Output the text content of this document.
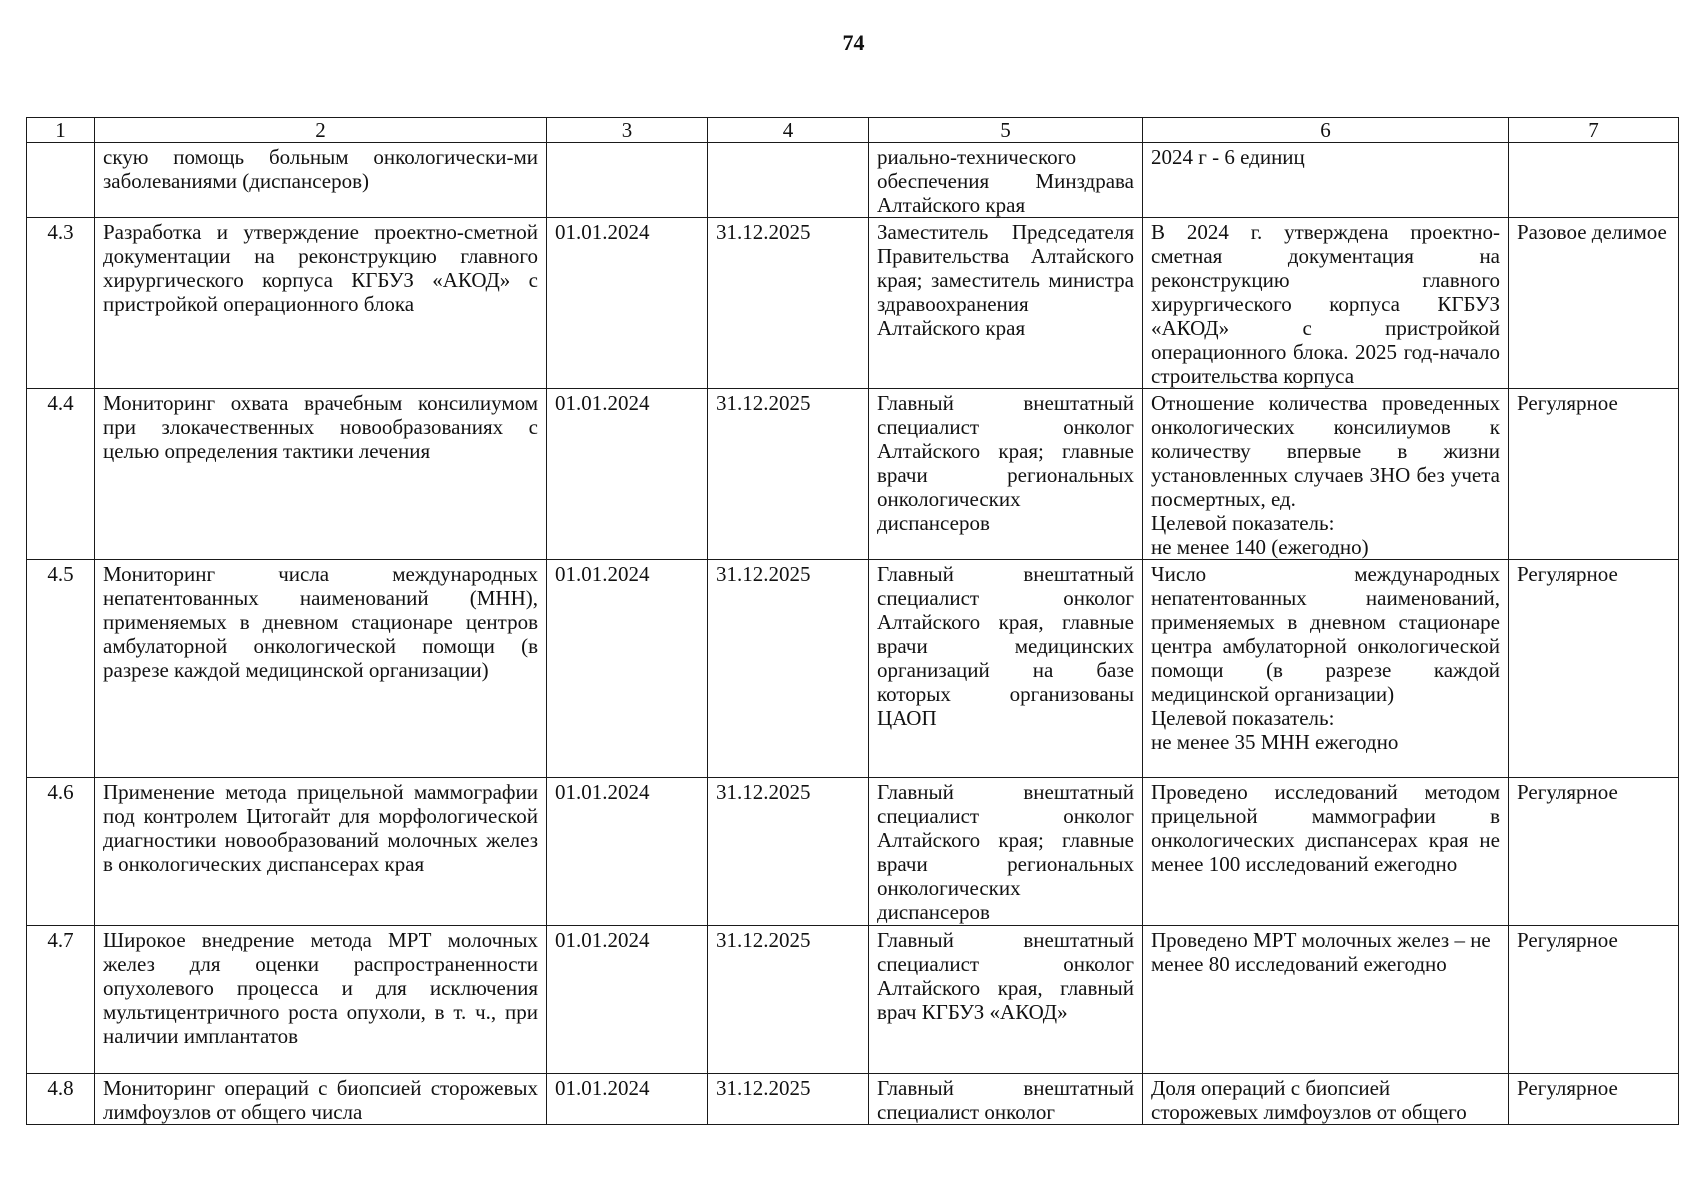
74
1	2	3	4	5	6	7
	скую помощь больным онкологически-ми заболеваниями (диспансеров)			риально-технического обеспечения Минздрава Алтайского края	2024 г - 6 единиц	
4.3	Разработка и утверждение проектно-сметной документации на реконструкцию главного хирургического корпуса КГБУЗ «АКОД» с пристройкой операционного блока	01.01.2024	31.12.2025	Заместитель Председателя Правительства Алтайского края; заместитель министра здравоохранения Алтайского края	В 2024 г. утверждена проектно-сметная документация на реконструкцию главного хирургического корпуса КГБУЗ «АКОД» с пристройкой операционного блока. 2025 год-начало строительства корпуса	Разовое делимое
4.4	Мониторинг охвата врачебным консилиумом при злокачественных новообразованиях с целью определения тактики лечения	01.01.2024	31.12.2025	Главный внештатный специалист онколог Алтайского края; главные врачи региональных онкологических диспансеров	Отношение количества проведенных онкологических консилиумов к количеству впервые в жизни установленных случаев ЗНО без учета посмертных, ед.
Целевой показатель:
не менее 140 (ежегодно)	Регулярное
4.5	Мониторинг числа международных непатентованных наименований (МНН), применяемых в дневном стационаре центров амбулаторной онкологической помощи (в разрезе каждой медицинской организации)	01.01.2024	31.12.2025	Главный внештатный специалист онколог Алтайского края, главные врачи медицинских организаций на базе которых организованы ЦАОП	Число международных непатентованных наименований, применяемых в дневном стационаре центра амбулаторной онкологической помощи (в разрезе каждой медицинской организации)
Целевой показатель:
не менее 35 МНН ежегодно	Регулярное
4.6	Применение метода прицельной маммографии под контролем Цитогайт для морфологической диагностики новообразований молочных желез в онкологических диспансерах края	01.01.2024	31.12.2025	Главный внештатный специалист онколог Алтайского края; главные врачи региональных онкологических диспансеров	Проведено исследований методом прицельной маммографии в онкологических диспансерах края не менее 100 исследований ежегодно	Регулярное
4.7	Широкое внедрение метода МРТ молочных желез для оценки распространенности опухолевого процесса и для исключения мультицентричного роста опухоли, в т. ч., при наличии имплантатов	01.01.2024	31.12.2025	Главный внештатный специалист онколог Алтайского края, главный врач КГБУЗ «АКОД»	Проведено МРТ молочных желез – не менее 80 исследований ежегодно	Регулярное
4.8	Мониторинг операций с биопсией сторожевых лимфоузлов от общего числа	01.01.2024	31.12.2025	Главный внештатный специалист онколог	Доля операций с биопсией сторожевых лимфоузлов от общего	Регулярное
